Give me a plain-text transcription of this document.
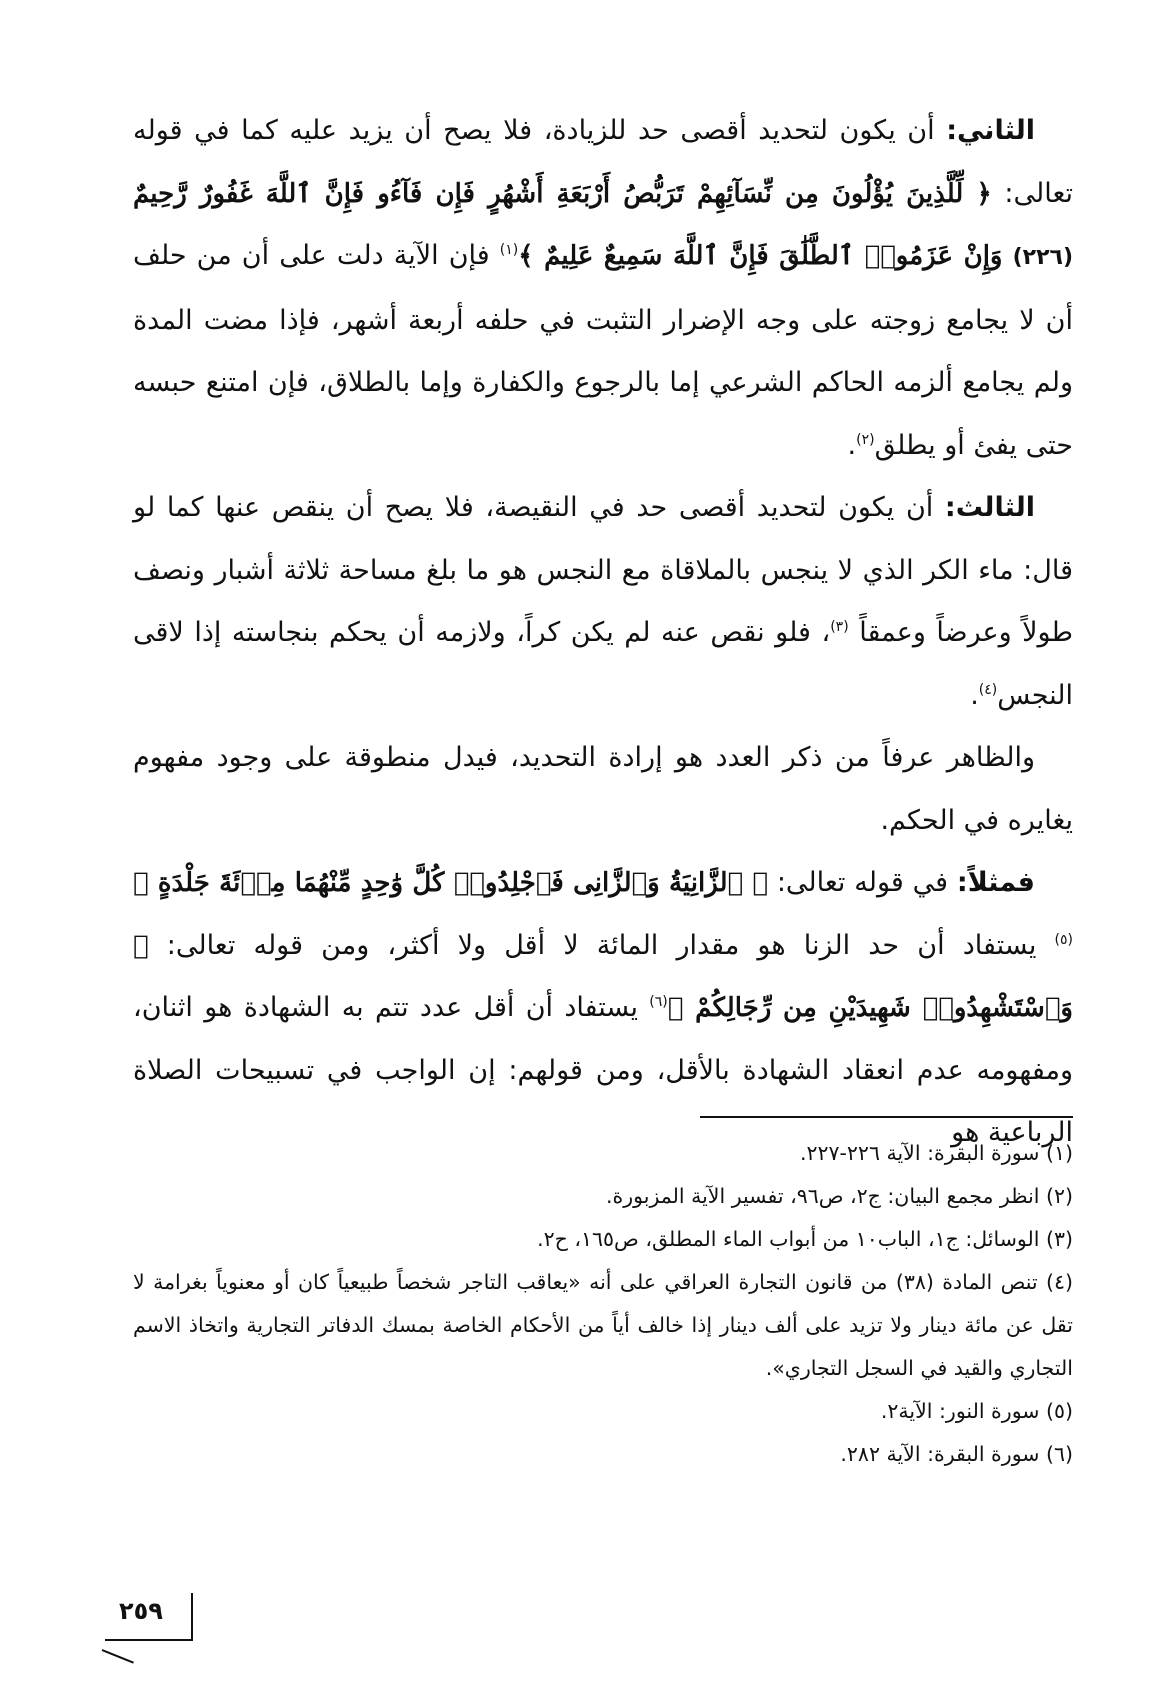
الثاني: أن يكون لتحديد أقصى حد للزيادة، فلا يصح أن يزيد عليه كما في قوله تعالى: ﴿ لِّلَّذِينَ يُؤْلُونَ مِن نِّسَآئِهِمْ تَرَبُّصُ أَرْبَعَةِ أَشْهُرٍ فَإِن فَآءُو فَإِنَّ ٱللَّهَ غَفُورٌ رَّحِيمٌ (٢٢٦) وَإِنْ عَزَمُوا۟ ٱلطَّلَٰقَ فَإِنَّ ٱللَّهَ سَمِيعٌ عَلِيمٌ ﴾$^{(١)}$ فإن الآية دلت على أن من حلف أن لا يجامع زوجته على وجه الإضرار التثبت في حلفه أربعة أشهر، فإذا مضت المدة ولم يجامع ألزمه الحاكم الشرعي إما بالرجوع والكفارة وإما بالطلاق، فإن امتنع حبسه حتى يفئ أو يطلق$^{(٢)}$.

الثالث: أن يكون لتحديد أقصى حد في النقيصة، فلا يصح أن ينقص عنها كما لو قال: ماء الكر الذي لا ينجس بالملاقاة مع النجس هو ما بلغ مساحة ثلاثة أشبار ونصف طولاً وعرضاً وعمقاً $^{(٣)}$، فلو نقص عنه لم يكن كراً، ولازمه أن يحكم بنجاسته إذا لاقى النجس$^{(٤)}$.

والظاهر عرفاً من ذكر العدد هو إرادة التحديد، فيدل منطوقة على وجود مفهوم يغايره في الحكم.

فمثلاً: في قوله تعالى: ﴿ ٱلزَّانِيَةُ وَٱلزَّانِى فَٱجْلِدُوا۟ كُلَّ وَٰحِدٍ مِّنْهُمَا مِا۟ئَةَ جَلْدَةٍ ﴾$^{(٥)}$ يستفاد أن حد الزنا هو مقدار المائة لا أقل ولا أكثر، ومن قوله تعالى: ﴿ وَٱسْتَشْهِدُوا۟ شَهِيدَيْنِ مِن رِّجَالِكُمْ ﴾$^{(٦)}$ يستفاد أن أقل عدد تتم به الشهادة هو اثنان، ومفهومه عدم انعقاد الشهادة بالأقل، ومن قولهم: إن الواجب في تسبيحات الصلاة الرباعية هو

(١) سورة البقرة: الآية ٢٢٦-٢٢٧.

(٢) انظر مجمع البيان: ج٢، ص٩٦، تفسير الآية المزبورة.

(٣) الوسائل: ج١، الباب١٠ من أبواب الماء المطلق، ص١٦٥، ح٢.

(٤) تنص المادة (٣٨) من قانون التجارة العراقي على أنه «يعاقب التاجر شخصاً طبيعياً كان أو معنوياً بغرامة لا تقل عن مائة دينار ولا تزيد على ألف دينار إذا خالف أياً من الأحكام الخاصة بمسك الدفاتر التجارية واتخاذ الاسم التجاري والقيد في السجل التجاري».

(٥) سورة النور: الآية٢.

(٦) سورة البقرة: الآية ٢٨٢.

٢٥٩
